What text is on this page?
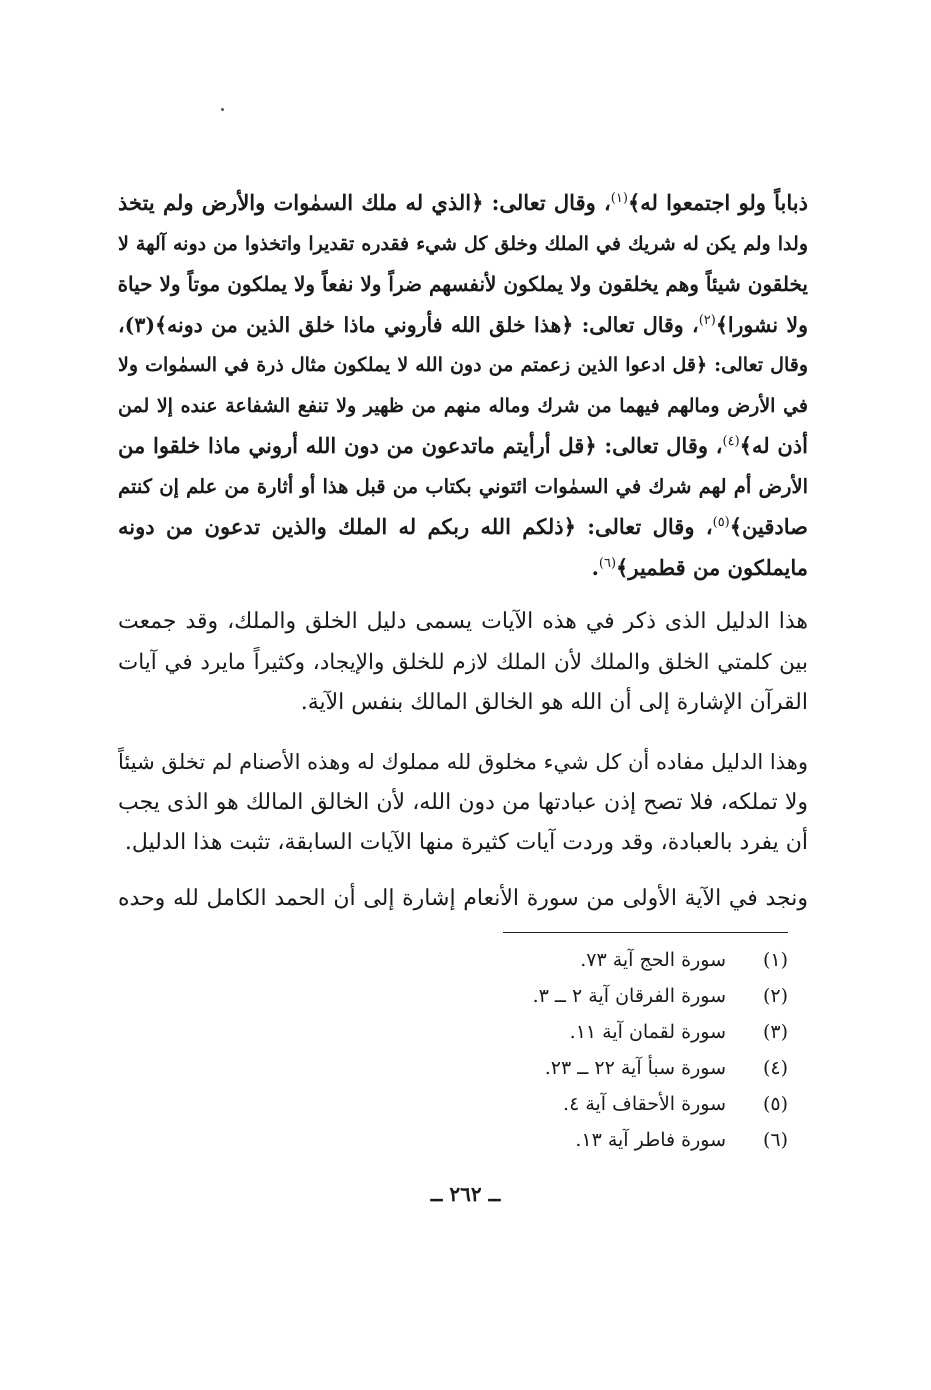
ذباباً ولو اجتمعوا له﴾$^{(١)}$، وقال تعالى: ﴿الذي له ملك السمٰوات والأرض ولم يتخذ
ولدا ولم يكن له شريك في الملك وخلق كل شيء فقدره تقديرا واتخذوا من دونه آلهة لا
يخلقون شيئاً وهم يخلقون ولا يملكون لأنفسهم ضراً ولا نفعاً ولا يملكون موتاً ولا حياة
ولا نشورا﴾$^{(٢)}$، وقال تعالى: ﴿هذا خلق الله فأروني ماذا خلق الذين من دونه﴾(٣)،
وقال تعالى: ﴿قل ادعوا الذين زعمتم من دون الله لا يملكون مثال ذرة في السمٰوات ولا
في الأرض ومالهم فيهما من شرك وماله منهم من ظهير ولا تنفع الشفاعة عنده إلا لمن
أذن له﴾$^{(٤)}$، وقال تعالى: ﴿قل أرأيتم ماتدعون من دون الله أروني ماذا خلقوا من
الأرض أم لهم شرك في السمٰوات ائتوني بكتاب من قبل هذا أو أثارة من علم إن كنتم
صادقين﴾$^{(٥)}$، وقال تعالى: ﴿ذلكم الله ربكم له الملك والذين تدعون من دونه
مايملكون من قطمير﴾$^{(٦)}$.
هذا الدليل الذى ذكر في هذه الآيات يسمى دليل الخلق والملك، وقد جمعت
بين كلمتي الخلق والملك لأن الملك لازم للخلق والإيجاد، وكثيراً مايرد في آيات
القرآن الإشارة إلى أن الله هو الخالق المالك بنفس الآية.
وهذا الدليل مفاده أن كل شيء مخلوق لله مملوك له وهذه الأصنام لم تخلق شيئاً
ولا تملكه، فلا تصح إذن عبادتها من دون الله، لأن الخالق المالك هو الذى يجب
أن يفرد بالعبادة، وقد وردت آيات كثيرة منها الآيات السابقة، تثبت هذا الدليل.
ونجد في الآية الأولى من سورة الأنعام إشارة إلى أن الحمد الكامل لله وحده
(١)
سورة الحج آية ٧٣.
(٢)
سورة الفرقان آية ٢ ــ ٣.
(٣)
سورة لقمان آية ١١.
(٤)
سورة سبأ آية ٢٢ ــ ٢٣.
(٥)
سورة الأحقاف آية ٤.
(٦)
سورة فاطر آية ١٣.
ــ ٢٦٢ ــ
